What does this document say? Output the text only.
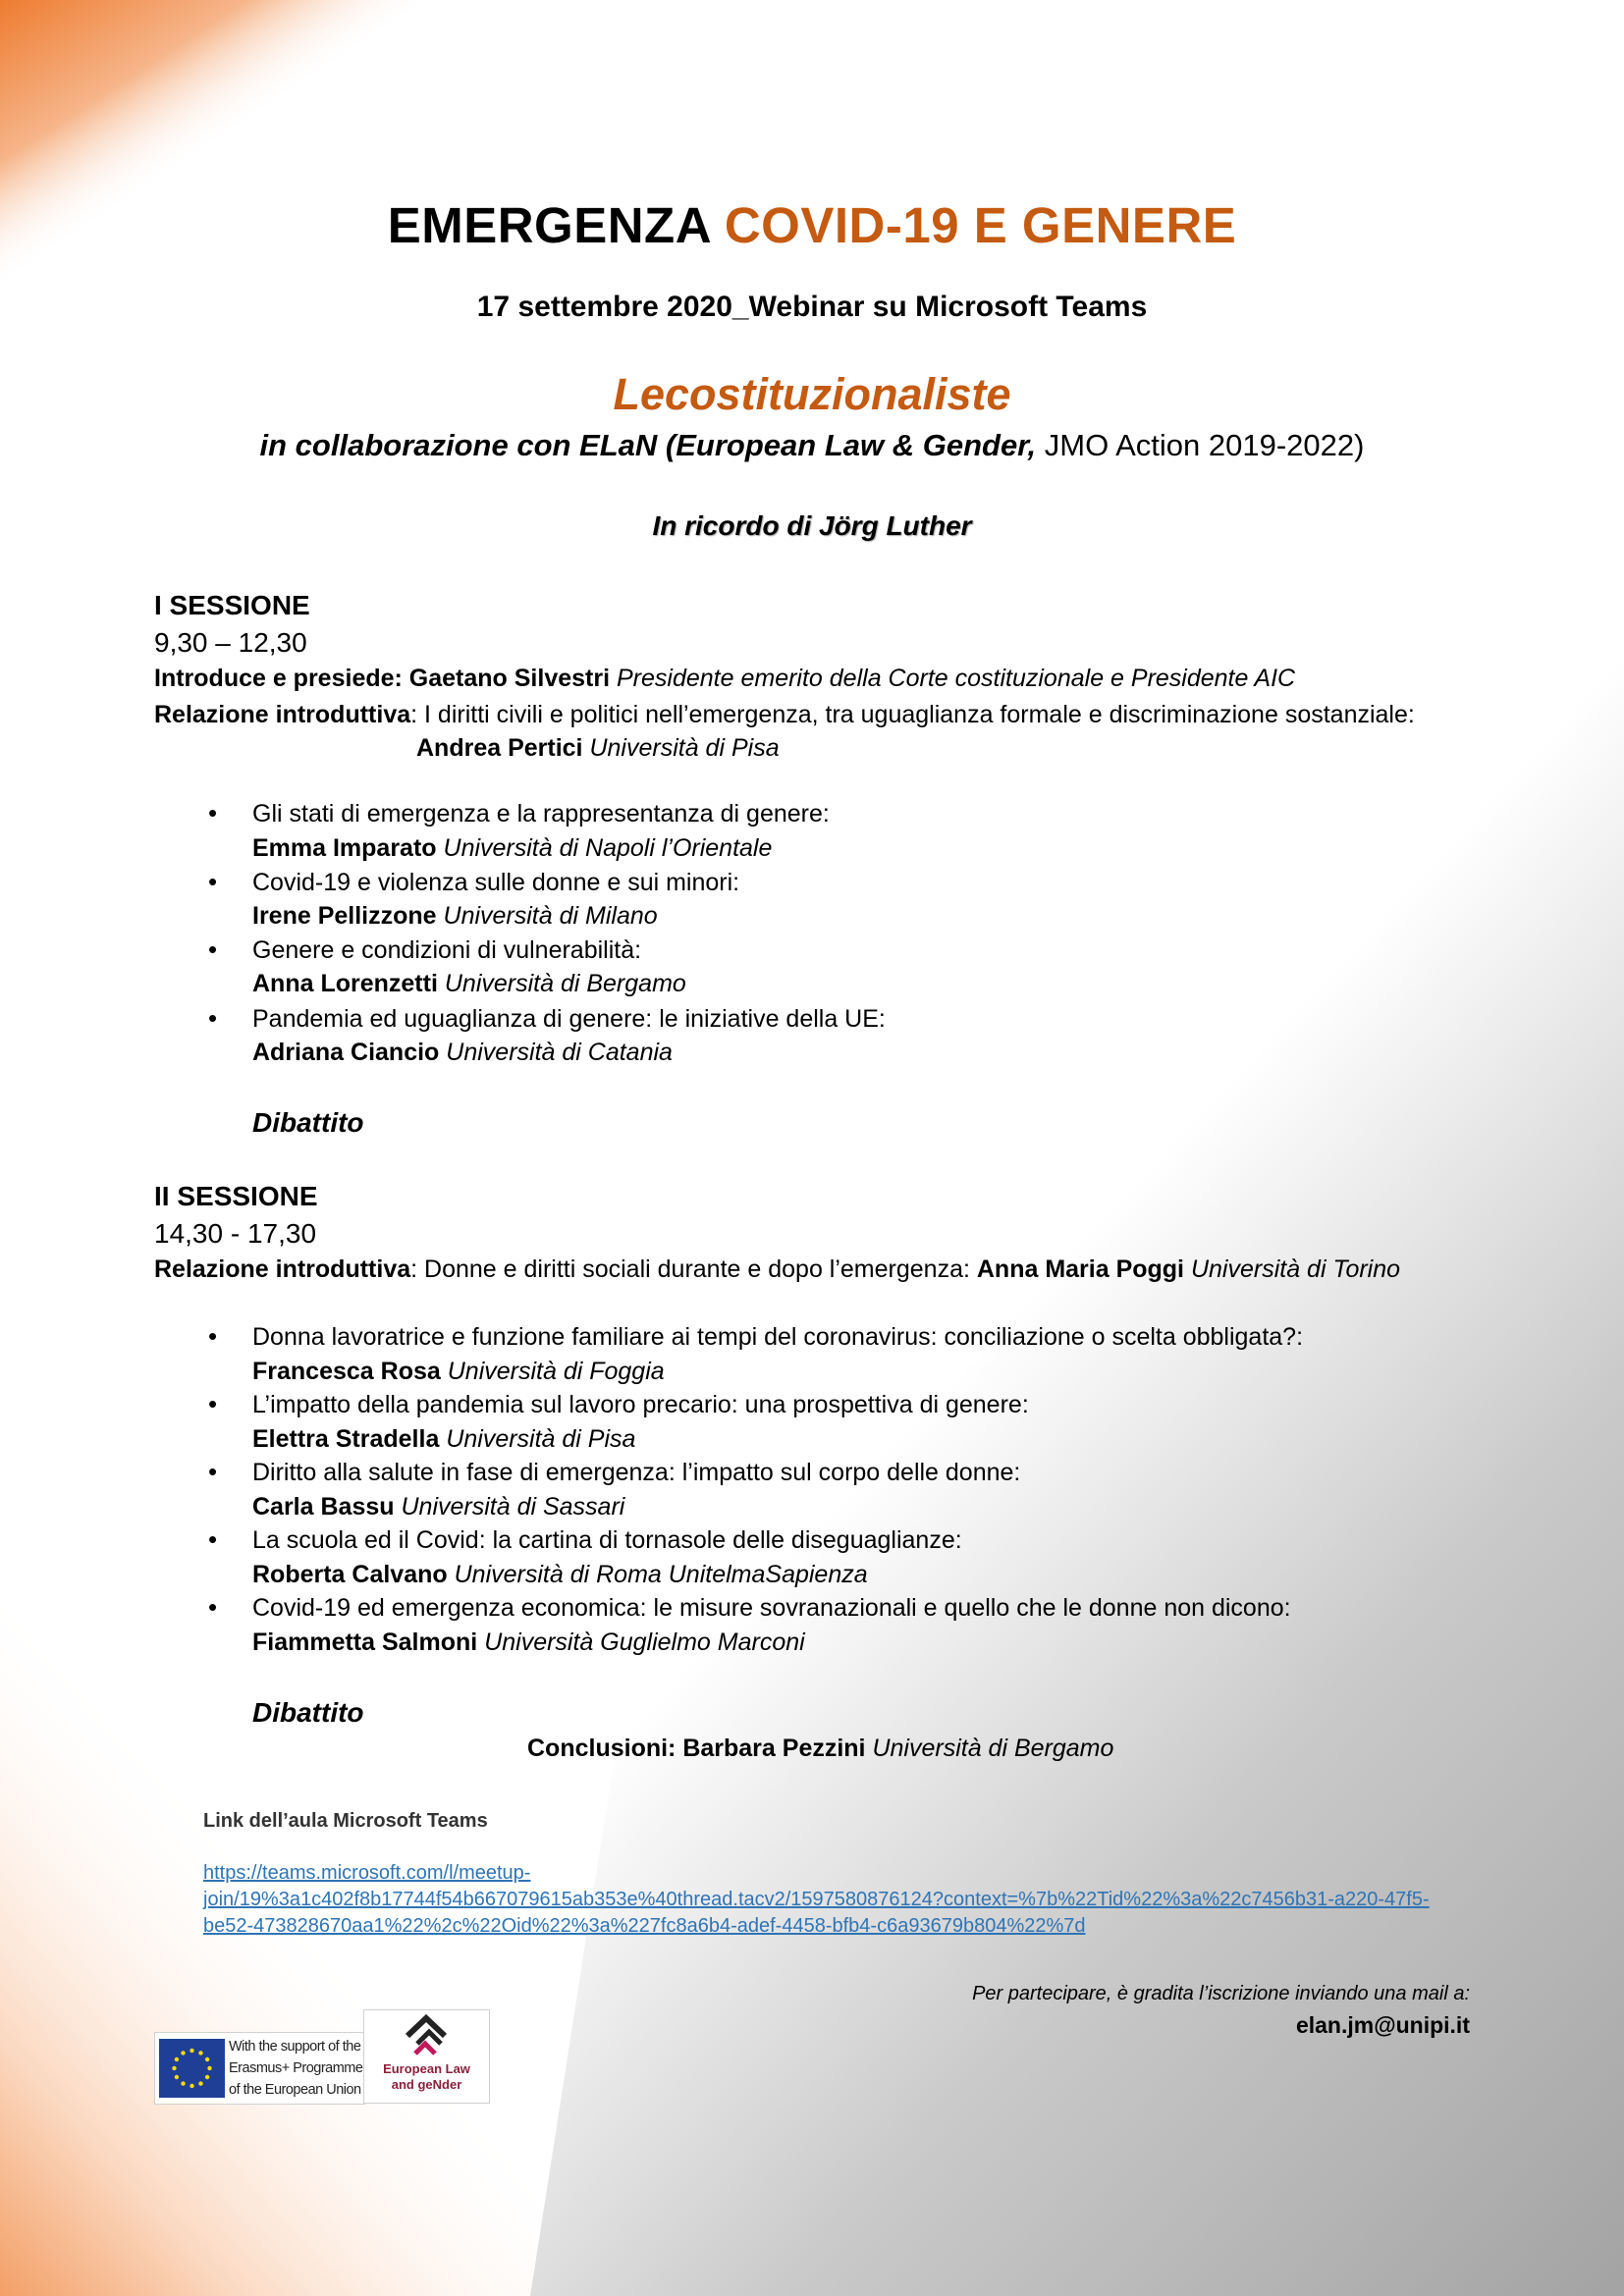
EMERGENZA COVID-19 E GENERE
17 settembre 2020_Webinar su Microsoft Teams
Lecostituzionaliste
in collaborazione con ELaN (European Law & Gender, JMO Action 2019-2022)
In ricordo di Jörg Luther
I SESSIONE
9,30 – 12,30
Introduce e presiede: Gaetano Silvestri Presidente emerito della Corte costituzionale e Presidente AIC
Relazione introduttiva: I diritti civili e politici nell’emergenza, tra uguaglianza formale e discriminazione sostanziale:
Andrea Pertici Università di Pisa
• Gli stati di emergenza e la rappresentanza di genere:
Emma Imparato Università di Napoli l’Orientale
• Covid-19 e violenza sulle donne e sui minori:
Irene Pellizzone Università di Milano
• Genere e condizioni di vulnerabilità:
Anna Lorenzetti Università di Bergamo
• Pandemia ed uguaglianza di genere: le iniziative della UE:
Adriana Ciancio Università di Catania
Dibattito
II SESSIONE
14,30 - 17,30
Relazione introduttiva: Donne e diritti sociali durante e dopo l’emergenza: Anna Maria Poggi Università di Torino
• Donna lavoratrice e funzione familiare ai tempi del coronavirus: conciliazione o scelta obbligata?:
Francesca Rosa Università di Foggia
• L’impatto della pandemia sul lavoro precario: una prospettiva di genere:
Elettra Stradella Università di Pisa
• Diritto alla salute in fase di emergenza: l’impatto sul corpo delle donne:
Carla Bassu Università di Sassari
• La scuola ed il Covid: la cartina di tornasole delle diseguaglianze:
Roberta Calvano Università di Roma UnitelmaSapienza
• Covid-19 ed emergenza economica: le misure sovranazionali e quello che le donne non dicono:
Fiammetta Salmoni Università Guglielmo Marconi
Dibattito
Conclusioni: Barbara Pezzini Università di Bergamo
Link dell’aula Microsoft Teams
https://teams.microsoft.com/l/meetup-
join/19%3a1c402f8b17744f54b667079615ab353e%40thread.tacv2/1597580876124?context=%7b%22Tid%22%3a%22c7456b31-a220-47f5-
be52-473828670aa1%22%2c%22Oid%22%3a%227fc8a6b4-adef-4458-bfb4-c6a93679b804%22%7d
Per partecipare, è gradita l’iscrizione inviando una mail a:
elan.jm@unipi.it
With the support of the
Erasmus+ Programme
of the European Union
European Law
and geNder
